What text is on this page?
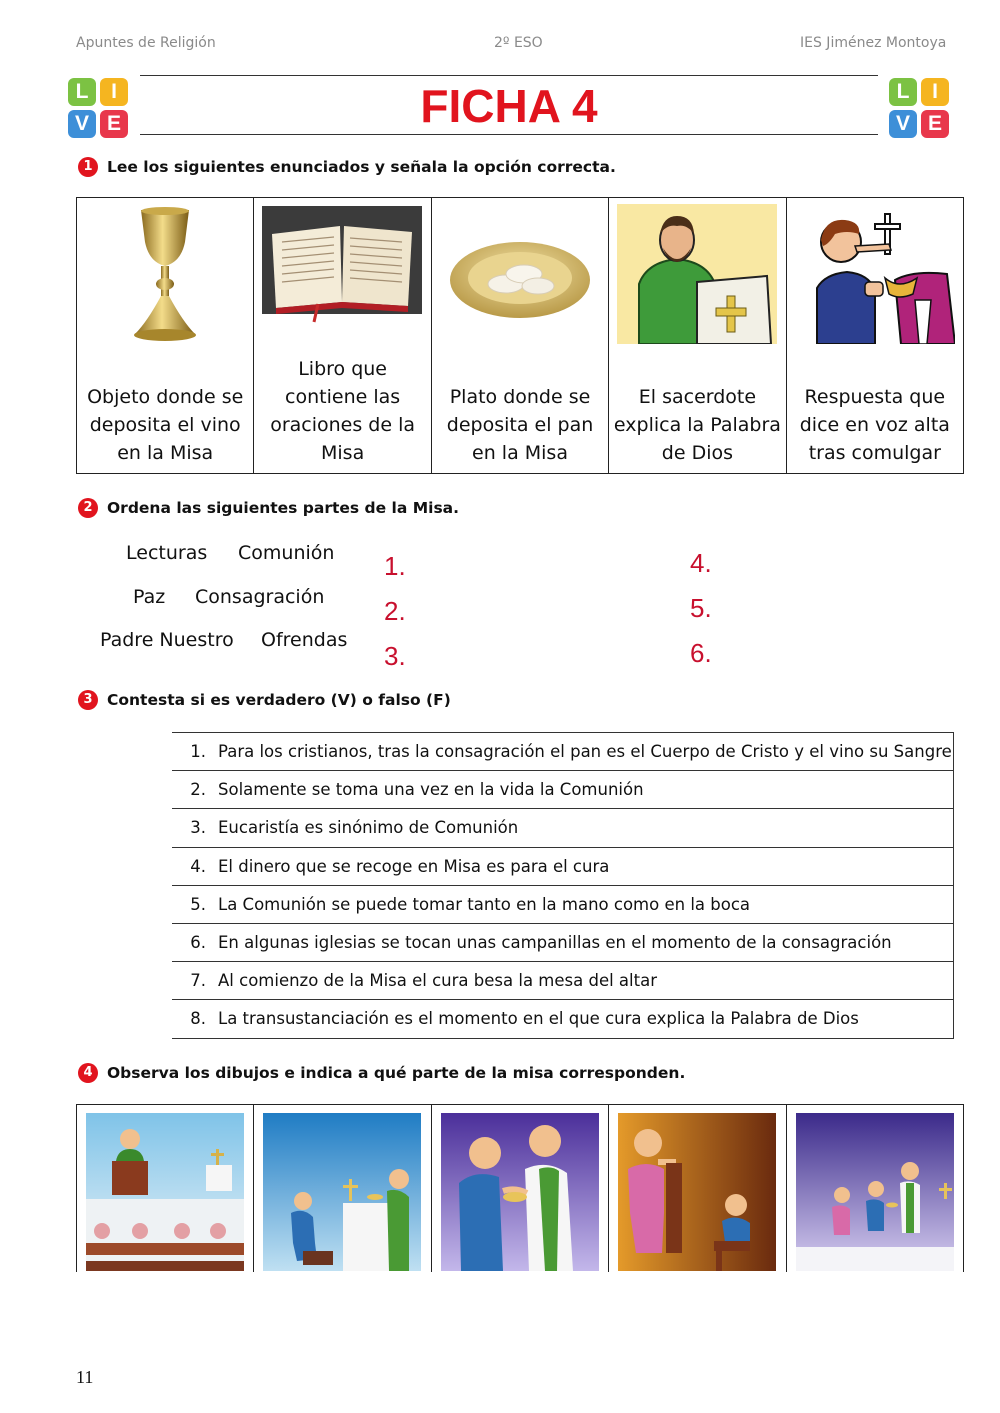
Apuntes de Religión	2º ESO	IES Jiménez Montoya
L	I
V E
L	I
V E
FICHA 4
1 Lee los siguientes enunciados y señala la opción correcta.
Objeto donde se deposita el vino en la Misa
Libro que contiene las oraciones de la Misa
Plato donde se deposita el pan en la Misa
El sacerdote explica la Palabra de Dios
Respuesta que dice en voz alta tras comulgar
2 Ordena las siguientes partes de la Misa.
Lecturas Comunión
Paz Consagración
Padre Nuestro Ofrendas
1.
2.
3.
4.
5.
6.
3 Contesta si es verdadero (V) o falso (F)
1. Para los cristianos, tras la consagración el pan es el Cuerpo de Cristo y el vino su Sangre
2. Solamente se toma una vez en la vida la Comunión
3. Eucaristía es sinónimo de Comunión
4. El dinero que se recoge en Misa es para el cura
5. La Comunión se puede tomar tanto en la mano como en la boca
6. En algunas iglesias se tocan unas campanillas en el momento de la consagración
7. Al comienzo de la Misa el cura besa la mesa del altar
8. La transustanciación es el momento en el que cura explica la Palabra de Dios
4 Observa los dibujos e indica a qué parte de la misa corresponden.
11
